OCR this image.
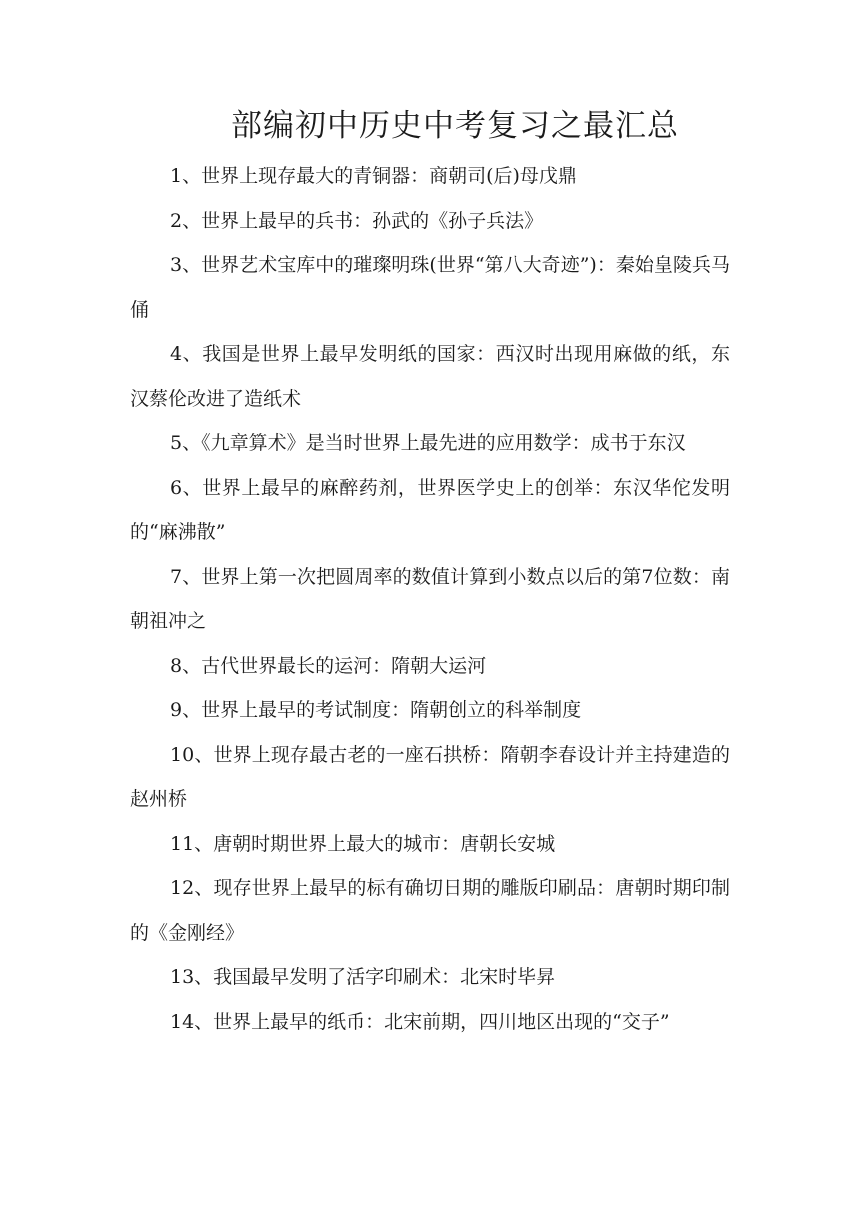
部编初中历史中考复习之最汇总

1、世界上现存最大的青铜器：商朝司(后)母戊鼎

2、世界上最早的兵书：孙武的《孙子兵法》

3、世界艺术宝库中的璀璨明珠(世界“第八大奇迹”)：秦始皇陵兵马俑

4、我国是世界上最早发明纸的国家：西汉时出现用麻做的纸，东汉蔡伦改进了造纸术

5、《九章算术》是当时世界上最先进的应用数学：成书于东汉

6、世界上最早的麻醉药剂，世界医学史上的创举：东汉华佗发明的“麻沸散”

7、世界上第一次把圆周率的数值计算到小数点以后的第7位数：南朝祖冲之

8、古代世界最长的运河：隋朝大运河

9、世界上最早的考试制度：隋朝创立的科举制度

10、世界上现存最古老的一座石拱桥：隋朝李春设计并主持建造的赵州桥

11、唐朝时期世界上最大的城市：唐朝长安城

12、现存世界上最早的标有确切日期的雕版印刷品：唐朝时期印制的《金刚经》

13、我国最早发明了活字印刷术：北宋时毕昇

14、世界上最早的纸币：北宋前期，四川地区出现的“交子”
